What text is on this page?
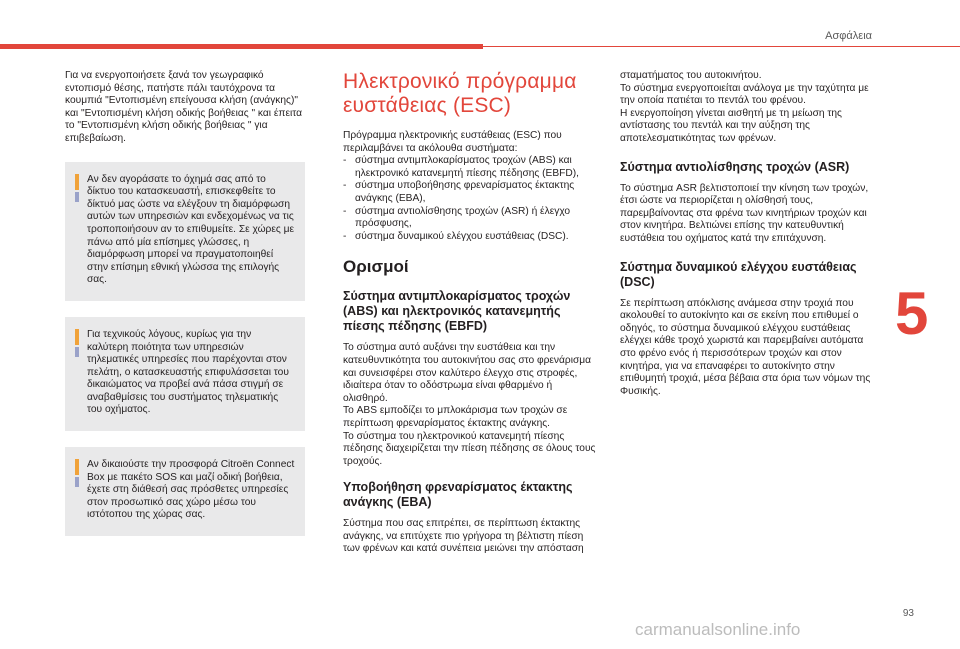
Ασφάλεια

Για να ενεργοποιήσετε ξανά τον γεωγραφικό εντοπισμό θέσης, πατήστε πάλι ταυτόχρονα τα κουμπιά "Εντοπισμένη επείγουσα κλήση (ανάγκης)" και "Εντοπισμένη κλήση οδικής βοήθειας " και έπειτα το "Εντοπισμένη κλήση οδικής βοήθειας " για επιβεβαίωση.

Αν δεν αγοράσατε το όχημά σας από το δίκτυο του κατασκευαστή, επισκεφθείτε το δίκτυό μας ώστε να ελέγξουν τη διαμόρφωση αυτών των υπηρεσιών και ενδεχομένως να τις τροποποιήσουν αν το επιθυμείτε. Σε χώρες με πάνω από μία επίσημες γλώσσες, η διαμόρφωση μπορεί να πραγματοποιηθεί στην επίσημη εθνική γλώσσα της επιλογής σας.

Για τεχνικούς λόγους, κυρίως για την καλύτερη ποιότητα των υπηρεσιών τηλεματικές υπηρεσίες που παρέχονται στον πελάτη, ο κατασκευαστής επιφυλάσσεται του δικαιώματος να προβεί ανά πάσα στιγμή σε αναβαθμίσεις του συστήματος τηλεματικής του οχήματος.

Αν δικαιούστε την προσφορά Citroën Connect Box με πακέτο SOS και μαζί οδική βοήθεια, έχετε στη διάθεσή σας πρόσθετες υπηρεσίες στον προσωπικό σας χώρο μέσω του ιστότοπου της χώρας σας.

Ηλεκτρονικό πρόγραμμα ευστάθειας (ESC)

Πρόγραμμα ηλεκτρονικής ευστάθειας (ESC) που περιλαμβάνει τα ακόλουθα συστήματα:

- σύστημα αντιμπλοκαρίσματος τροχών (ABS) και ηλεκτρονικό κατανεμητή πίεσης πέδησης (EBFD),
- σύστημα υποβοήθησης φρεναρίσματος έκτακτης ανάγκης (EBA),
- σύστημα αντιολίσθησης τροχών (ASR) ή έλεγχο πρόσφυσης,
- σύστημα δυναμικού ελέγχου ευστάθειας (DSC).
Ορισμοί
Σύστημα αντιμπλοκαρίσματος τροχών (ABS) και ηλεκτρονικός κατανεμητής πίεσης πέδησης (EBFD)

Το σύστημα αυτό αυξάνει την ευστάθεια και την κατευθυντικότητα του αυτοκινήτου σας στο φρενάρισμα και συνεισφέρει στον καλύτερο έλεγχο στις στροφές, ιδιαίτερα όταν το οδόστρωμα είναι φθαρμένο ή ολισθηρό.

Το ABS εμποδίζει το μπλοκάρισμα των τροχών σε περίπτωση φρεναρίσματος έκτακτης ανάγκης.

Το σύστημα του ηλεκτρονικού κατανεμητή πίεσης πέδησης διαχειρίζεται την πίεση πέδησης σε όλους τους τροχούς.

Υποβοήθηση φρεναρίσματος έκτακτης ανάγκης (EBA)

Σύστημα που σας επιτρέπει, σε περίπτωση έκτακτης ανάγκης, να επιτύχετε πιο γρήγορα τη βέλτιστη πίεση των φρένων και κατά συνέπεια μειώνει την απόσταση

σταματήματος του αυτοκινήτου.

Το σύστημα ενεργοποιείται ανάλογα με την ταχύτητα με την οποία πατιέται το πεντάλ του φρένου.

Η ενεργοποίηση γίνεται αισθητή με τη μείωση της αντίστασης του πεντάλ και την αύξηση της αποτελεσματικότητας των φρένων.

Σύστημα αντιολίσθησης τροχών (ASR)

Το σύστημα ASR βελτιστοποιεί την κίνηση των τροχών, έτσι ώστε να περιορίζεται η ολίσθησή τους, παρεμβαίνοντας στα φρένα των κινητήριων τροχών και στον κινητήρα. Βελτιώνει επίσης την κατευθυντική ευστάθεια του οχήματος κατά την επιτάχυνση.

Σύστημα δυναμικού ελέγχου ευστάθειας (DSC)

Σε περίπτωση απόκλισης ανάμεσα στην τροχιά που ακολουθεί το αυτοκίνητο και σε εκείνη που επιθυμεί ο οδηγός, το σύστημα δυναμικού ελέγχου ευστάθειας ελέγχει κάθε τροχό χωριστά και παρεμβαίνει αυτόματα στο φρένο ενός ή περισσότερων τροχών και στον κινητήρα, για να επαναφέρει το αυτοκίνητο στην επιθυμητή τροχιά, μέσα βέβαια στα όρια των νόμων της Φυσικής.

5
93
carmanualsonline.info
